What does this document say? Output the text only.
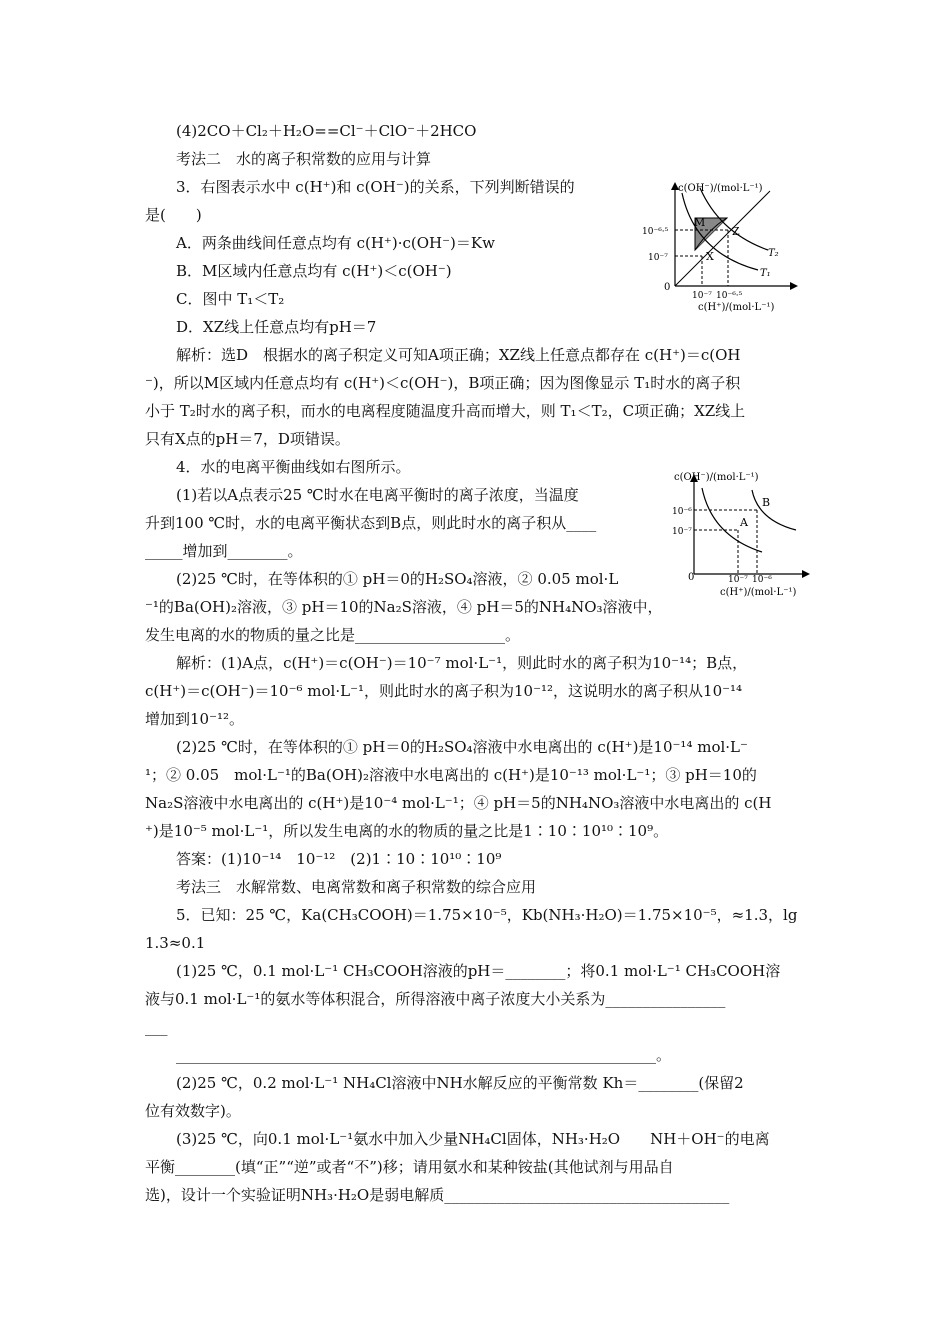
(4)2CO＋Cl₂＋H₂O==Cl⁻＋ClO⁻＋2HCO
考法二　水的离子积常数的应用与计算
3．右图表示水中 c(H⁺)和 c(OH⁻)的关系，下列判断错误的
是(　　)
A．两条曲线间任意点均有 c(H⁺)·c(OH⁻)＝Kw
B．M区域内任意点均有 c(H⁺)＜c(OH⁻)
C．图中 T₁＜T₂
D．XZ线上任意点均有pH＝7
解析：选D　根据水的离子积定义可知A项正确；XZ线上任意点都存在 c(H⁺)＝c(OH
⁻)，所以M区域内任意点均有 c(H⁺)＜c(OH⁻)，B项正确；因为图像显示 T₁时水的离子积
小于 T₂时水的离子积，而水的电离程度随温度升高而增大，则 T₁＜T₂，C项正确；XZ线上
只有X点的pH＝7，D项错误。
4．水的电离平衡曲线如右图所示。
(1)若以A点表示25 ℃时水在电离平衡时的离子浓度，当温度
升到100 ℃时，水的电离平衡状态到B点，则此时水的离子积从____
_____增加到________。
(2)25 ℃时，在等体积的① pH＝0的H₂SO₄溶液，② 0.05 mol·L
⁻¹的Ba(OH)₂溶液，③ pH＝10的Na₂S溶液，④ pH＝5的NH₄NO₃溶液中，
发生电离的水的物质的量之比是____________________。
解析：(1)A点，c(H⁺)＝c(OH⁻)＝10⁻⁷ mol·L⁻¹，则此时水的离子积为10⁻¹⁴；B点，
c(H⁺)＝c(OH⁻)＝10⁻⁶ mol·L⁻¹，则此时水的离子积为10⁻¹²，这说明水的离子积从10⁻¹⁴
增加到10⁻¹²。
(2)25 ℃时，在等体积的① pH＝0的H₂SO₄溶液中水电离出的 c(H⁺)是10⁻¹⁴ mol·L⁻
¹；② 0.05　mol·L⁻¹的Ba(OH)₂溶液中水电离出的 c(H⁺)是10⁻¹³ mol·L⁻¹；③ pH＝10的
Na₂S溶液中水电离出的 c(H⁺)是10⁻⁴ mol·L⁻¹；④ pH＝5的NH₄NO₃溶液中水电离出的 c(H
⁺)是10⁻⁵ mol·L⁻¹，所以发生电离的水的物质的量之比是1∶10∶10¹⁰∶10⁹。
答案：(1)10⁻¹⁴　10⁻¹²　(2)1∶10∶10¹⁰∶10⁹
考法三　水解常数、电离常数和离子积常数的综合应用
5．已知：25 ℃，Ka(CH₃COOH)＝1.75×10⁻⁵，Kb(NH₃·H₂O)＝1.75×10⁻⁵，≈1.3，lg
1.3≈0.1
(1)25 ℃，0.1 mol·L⁻¹ CH₃COOH溶液的pH＝________；将0.1 mol·L⁻¹ CH₃COOH溶
液与0.1 mol·L⁻¹的氨水等体积混合，所得溶液中离子浓度大小关系为________________
___
________________________________________________________________。
(2)25 ℃，0.2 mol·L⁻¹ NH₄Cl溶液中NH水解反应的平衡常数 Kh＝________(保留2
位有效数字)。
(3)25 ℃，向0.1 mol·L⁻¹氨水中加入少量NH₄Cl固体，NH₃·H₂O　　NH＋OH⁻的电离
平衡________(填“正”“逆”或者“不”)移；请用氨水和某种铵盐(其他试剂与用品自
选)，设计一个实验证明NH₃·H₂O是弱电解质______________________________________
c(OH⁻)/(mol·L⁻¹)
10⁻⁶·⁵
10⁻⁷
0
10⁻⁷ 10⁻⁶·⁵
c(H⁺)/(mol·L⁻¹)
M
X
Z
T₁
T₂
c(OH⁻)/(mol·L⁻¹)
10⁻⁶
10⁻⁷
0	10⁻⁷ 10⁻⁶
c(H⁺)/(mol·L⁻¹)
A
B
